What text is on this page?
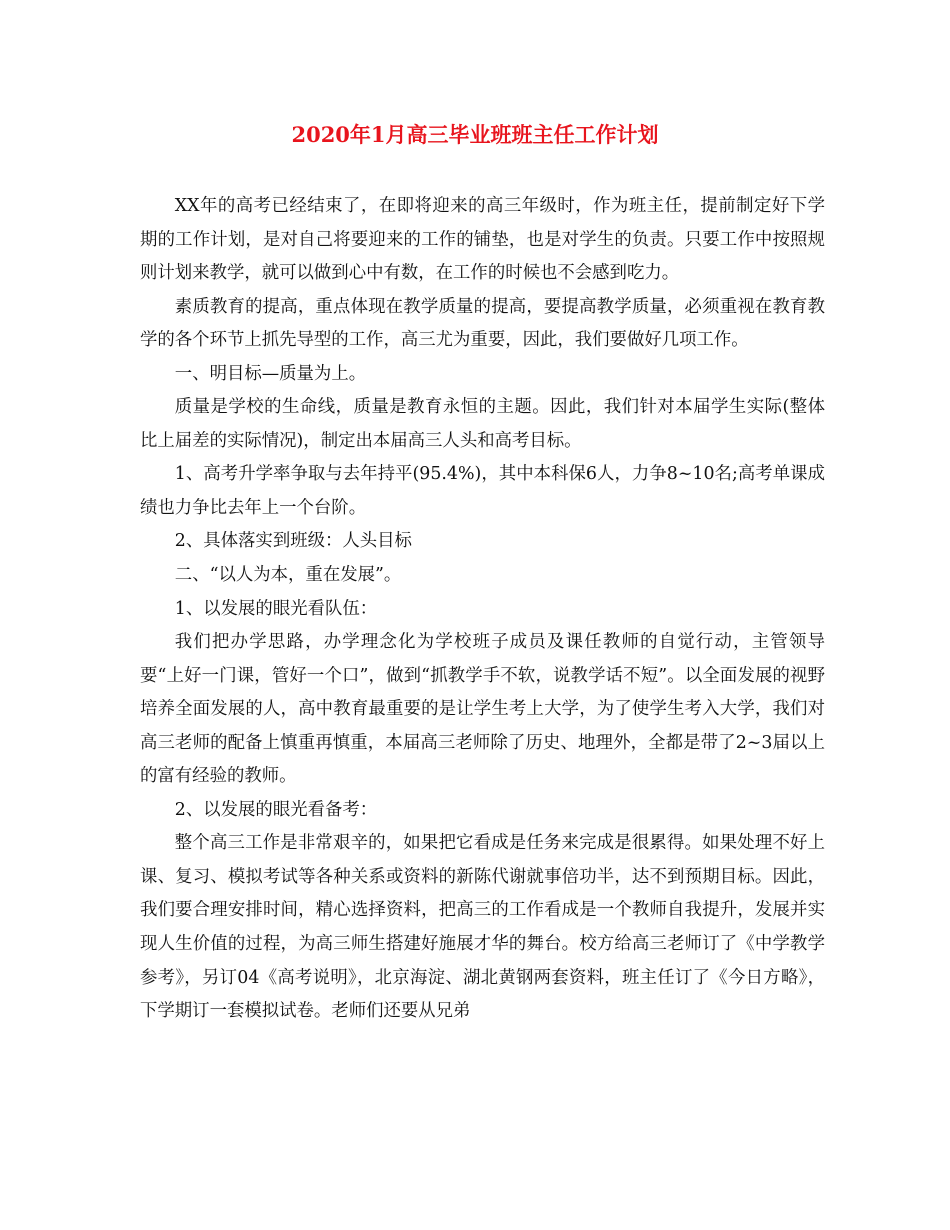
2020年1月高三毕业班班主任工作计划

XX年的高考已经结束了，在即将迎来的高三年级时，作为班主任，提前制定好下学期的工作计划，是对自己将要迎来的工作的铺垫，也是对学生的负责。只要工作中按照规则计划来教学，就可以做到心中有数，在工作的时候也不会感到吃力。

素质教育的提高，重点体现在教学质量的提高，要提高教学质量，必须重视在教育教学的各个环节上抓先导型的工作，高三尤为重要，因此，我们要做好几项工作。

一、明目标—质量为上。

质量是学校的生命线，质量是教育永恒的主题。因此，我们针对本届学生实际(整体比上届差的实际情况)，制定出本届高三人头和高考目标。

1、高考升学率争取与去年持平(95.4%)，其中本科保6人，力争8~10名;高考单课成绩也力争比去年上一个台阶。

2、具体落实到班级：人头目标

二、“以人为本，重在发展”。

1、以发展的眼光看队伍：

我们把办学思路，办学理念化为学校班子成员及课任教师的自觉行动，主管领导要“上好一门课，管好一个口”，做到“抓教学手不软，说教学话不短”。以全面发展的视野培养全面发展的人，高中教育最重要的是让学生考上大学，为了使学生考入大学，我们对高三老师的配备上慎重再慎重，本届高三老师除了历史、地理外，全都是带了2~3届以上的富有经验的教师。

2、以发展的眼光看备考：

整个高三工作是非常艰辛的，如果把它看成是任务来完成是很累得。如果处理不好上课、复习、模拟考试等各种关系或资料的新陈代谢就事倍功半，达不到预期目标。因此，我们要合理安排时间，精心选择资料，把高三的工作看成是一个教师自我提升，发展并实现人生价值的过程，为高三师生搭建好施展才华的舞台。校方给高三老师订了《中学教学参考》，另订04《高考说明》，北京海淀、湖北黄钢两套资料，班主任订了《今日方略》，下学期订一套模拟试卷。老师们还要从兄弟
